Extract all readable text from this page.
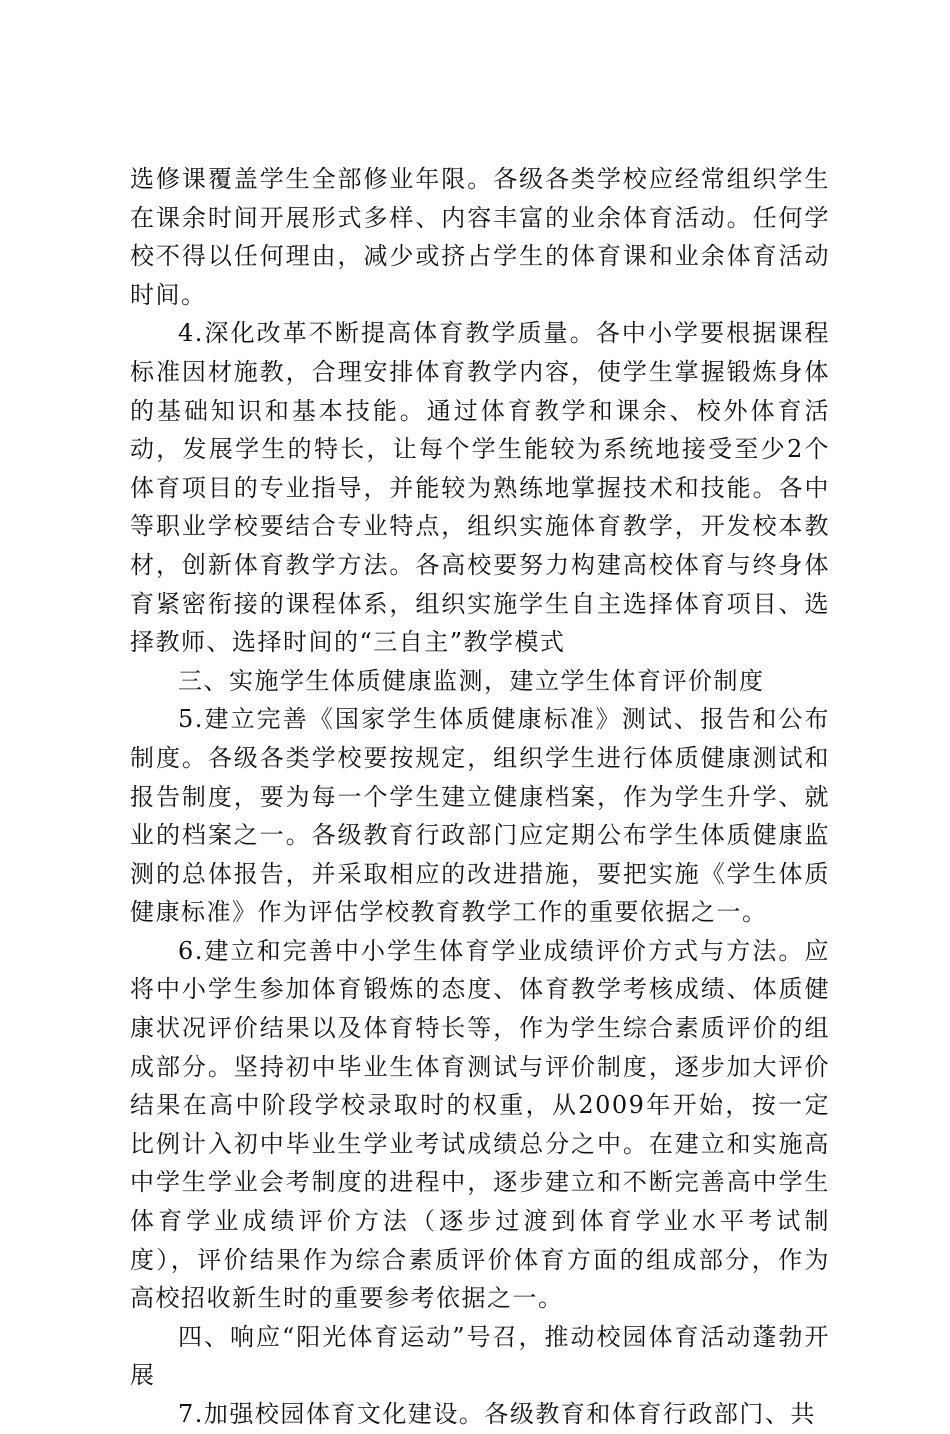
选修课覆盖学生全部修业年限。各级各类学校应经常组织学生在课余时间开展形式多样、内容丰富的业余体育活动。任何学校不得以任何理由，减少或挤占学生的体育课和业余体育活动时间。

4.深化改革不断提高体育教学质量。各中小学要根据课程标准因材施教，合理安排体育教学内容，使学生掌握锻炼身体的基础知识和基本技能。通过体育教学和课余、校外体育活动，发展学生的特长，让每个学生能较为系统地接受至少2个体育项目的专业指导，并能较为熟练地掌握技术和技能。各中等职业学校要结合专业特点，组织实施体育教学，开发校本教材，创新体育教学方法。各高校要努力构建高校体育与终身体育紧密衔接的课程体系，组织实施学生自主选择体育项目、选择教师、选择时间的“三自主”教学模式

三、实施学生体质健康监测，建立学生体育评价制度

5.建立完善《国家学生体质健康标准》测试、报告和公布制度。各级各类学校要按规定，组织学生进行体质健康测试和报告制度，要为每一个学生建立健康档案，作为学生升学、就业的档案之一。各级教育行政部门应定期公布学生体质健康监测的总体报告，并采取相应的改进措施，要把实施《学生体质健康标准》作为评估学校教育教学工作的重要依据之一。

6.建立和完善中小学生体育学业成绩评价方式与方法。应将中小学生参加体育锻炼的态度、体育教学考核成绩、体质健康状况评价结果以及体育特长等，作为学生综合素质评价的组成部分。坚持初中毕业生体育测试与评价制度，逐步加大评价结果在高中阶段学校录取时的权重，从2009年开始，按一定比例计入初中毕业生学业考试成绩总分之中。在建立和实施高中学生学业会考制度的进程中，逐步建立和不断完善高中学生体育学业成绩评价方法（逐步过渡到体育学业水平考试制度），评价结果作为综合素质评价体育方面的组成部分，作为高校招收新生时的重要参考依据之一。

四、响应“阳光体育运动”号召，推动校园体育活动蓬勃开展

7.加强校园体育文化建设。各级教育和体育行政部门、共
